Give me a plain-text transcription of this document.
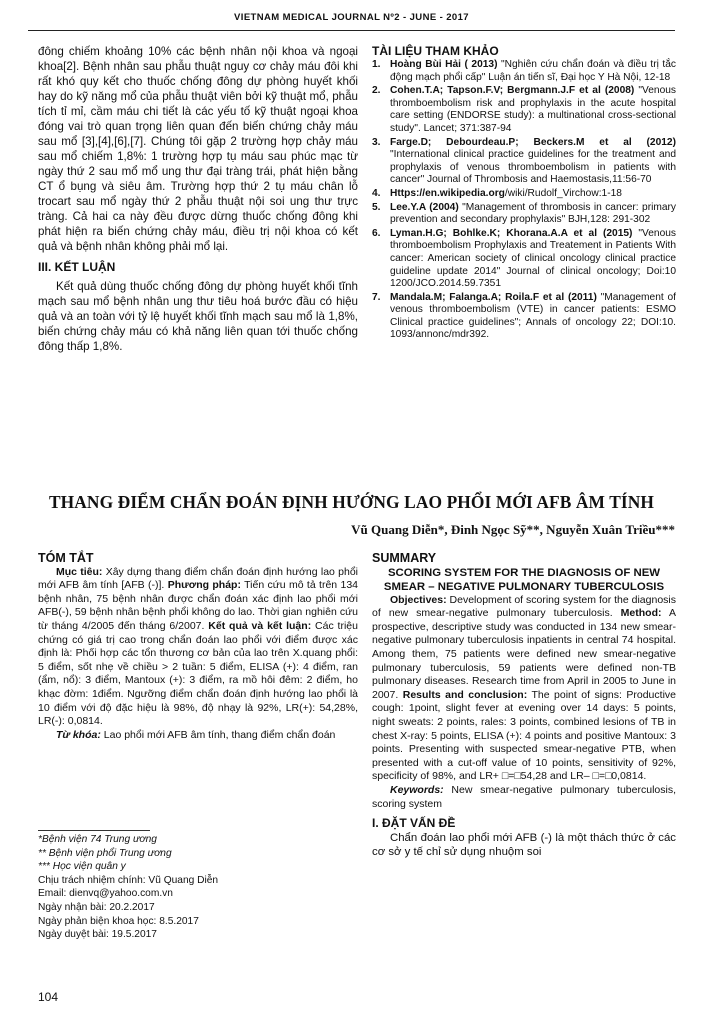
VIETNAM MEDICAL JOURNAL Nº2 - JUNE - 2017

đông chiếm khoảng 10% các bệnh nhân nội khoa và ngoại khoa[2]. Bệnh nhân sau phẫu thuật nguy cơ chảy máu đôi khi rất khó quy kết cho thuốc chống đông dự phòng huyết khối hay do kỹ năng mổ của phẫu thuật viên bởi kỹ thuật mổ, phẫu tích tỉ mỉ, cầm máu chi tiết là các yếu tố kỹ thuật ngoại khoa đóng vai trò quan trọng liên quan đến biến chứng chảy máu sau mổ [3],[4],[6],[7]. Chúng tôi gặp 2 trường hợp chảy máu sau mổ chiếm 1,8%: 1 trường hợp tụ máu sau phúc mạc từ ngày thứ 2 sau mổ mổ ung thư đại tràng trái, phát hiện bằng CT ổ bụng và siêu âm. Trường hợp thứ 2 tụ máu chân lỗ trocart sau mổ ngày thứ 2 phẫu thuật nội soi ung thư trực tràng. Cả hai ca này đều được dừng thuốc chống đông khi phát hiện ra biến chứng chảy máu, điều trị nội khoa có kết quả và bệnh nhân không phải mổ lại.

III. KẾT LUẬN

Kết quả dùng thuốc chống đông dự phòng huyết khối tĩnh mạch sau mổ bệnh nhân ung thư tiêu hoá bước đầu có hiệu quả và an toàn với tỷ lệ huyết khối tĩnh mạch sau mổ là 1,8%, biến chứng chảy máu có khả năng liên quan tới thuốc chống đông thấp 1,8%.

TÀI LIỆU THAM KHẢO

1. Hoàng Bùi Hải ( 2013) "Nghiên cứu chẩn đoán và điều trị tắc động mạch phổi cấp" Luận án tiến sĩ, Đại học Y Hà Nội, 12-18
2. Cohen.T.A; Tapson.F.V; Bergmann.J.F et al (2008) "Venous thromboembolism risk and prophylaxis in the acute hospital care setting (ENDORSE study): a multinational cross-sectional study". Lancet; 371:387-94
3. Farge.D; Debourdeau.P; Beckers.M et al (2012) "International clinical practice guidelines for the treatment and prophylaxis of venous thromboembolism in patients with cancer" Journal of Thrombosis and Haemostasis,11:56-70
4. Https://en.wikipedia.org/wiki/Rudolf_Virchow:1-18
5. Lee.Y.A (2004) "Management of thrombosis in cancer: primary prevention and secondary prophylaxis" BJH,128: 291-302
6. Lyman.H.G; Bohlke.K; Khorana.A.A et al (2015) "Venous thromboembolism Prophylaxis and Treatement in Patients With cancer: American society of clinical oncology clinical practice guideline update 2014" Journal of clinical oncology; Doi:10 1200/JCO.2014.59.7351
7. Mandala.M; Falanga.A; Roila.F et al (2011) "Management of venous thromboembolism (VTE) in cancer patients: ESMO Clinical practice guidelines"; Annals of oncology 22; DOI:10. 1093/annonc/mdr392.
THANG ĐIỂM CHẨN ĐOÁN ĐỊNH HƯỚNG LAO PHỔI MỚI AFB ÂM TÍNH
Vũ Quang Diễn*, Đinh Ngọc Sỹ**, Nguyễn Xuân Triều***

TÓM TẮT

Mục tiêu: Xây dựng thang điểm chẩn đoán định hướng lao phổi mới AFB âm tính [AFB (-)]. Phương pháp: Tiến cứu mô tả trên 134 bệnh nhân, 75 bệnh nhân được chẩn đoán xác định lao phổi mới AFB(-), 59 bệnh nhân bệnh phổi không do lao. Thời gian nghiên cứu từ tháng 4/2005 đến tháng 6/2007. Kết quả và kết luận: Các triệu chứng có giá trị cao trong chẩn đoán lao phổi với điểm được xác định là: Phối hợp các tổn thương cơ bản của lao trên X.quang phổi: 5 điểm, sốt nhẹ về chiều > 2 tuần: 5 điểm, ELISA (+): 4 điểm, ran (ẩm, nổ): 3 điểm, Mantoux (+): 3 điểm, ra mồ hôi đêm: 2 điểm, ho khạc đờm: 1điểm. Ngưỡng điểm chẩn đoán định hướng lao phổi là 10 điểm với độ đặc hiệu là 98%, độ nhạy là 92%, LR(+): 54,28%, LR(-): 0,0814.

Từ khóa: Lao phổi mới AFB âm tính, thang điểm chẩn đoán

SUMMARY

SCORING SYSTEM FOR THE DIAGNOSIS OF NEW SMEAR – NEGATIVE PULMONARY TUBERCULOSIS

Objectives: Development of scoring system for the diagnosis of new smear-negative pulmonary tuberculosis. Method: A prospective, descriptive study was conducted in 134 new smear-negative pulmonary tuberculosis inpatients in central 74 hospital. Among them, 75 patients were defined new smear-negative pulmonary tuberculosis, 59 patients were defined non-TB pulmonary diseases. Research time from April in 2005 to June in 2007. Results and conclusion: The point of signs: Productive cough: 1point, slight fever at evening over 14 days: 5 points, night sweats: 2 points, rales: 3 points, combined lesions of TB in chest X-ray: 5 points, ELISA (+): 4 points and positive Mantoux: 3 points. Presenting with suspected smear-negative PTB, when presented with a cut-off value of 10 points, sensitivity of 92%, specificity of 98%, and LR+ □=□54,28 and LR– □=□0,0814.

Keywords: New smear-negative pulmonary tuberculosis, scoring system

I. ĐẶT VẤN ĐỀ

Chẩn đoán lao phổi mới AFB (-) là một thách thức ở các cơ sở y tế chỉ sử dụng nhuộm soi

*Bệnh viện 74 Trung ương
** Bệnh viện phổi Trung ương
*** Học viện quân y
Chịu trách nhiệm chính: Vũ Quang Diễn
Email: dienvq@yahoo.com.vn
Ngày nhận bài: 20.2.2017
Ngày phản biện khoa học: 8.5.2017
Ngày duyệt bài: 19.5.2017
104
